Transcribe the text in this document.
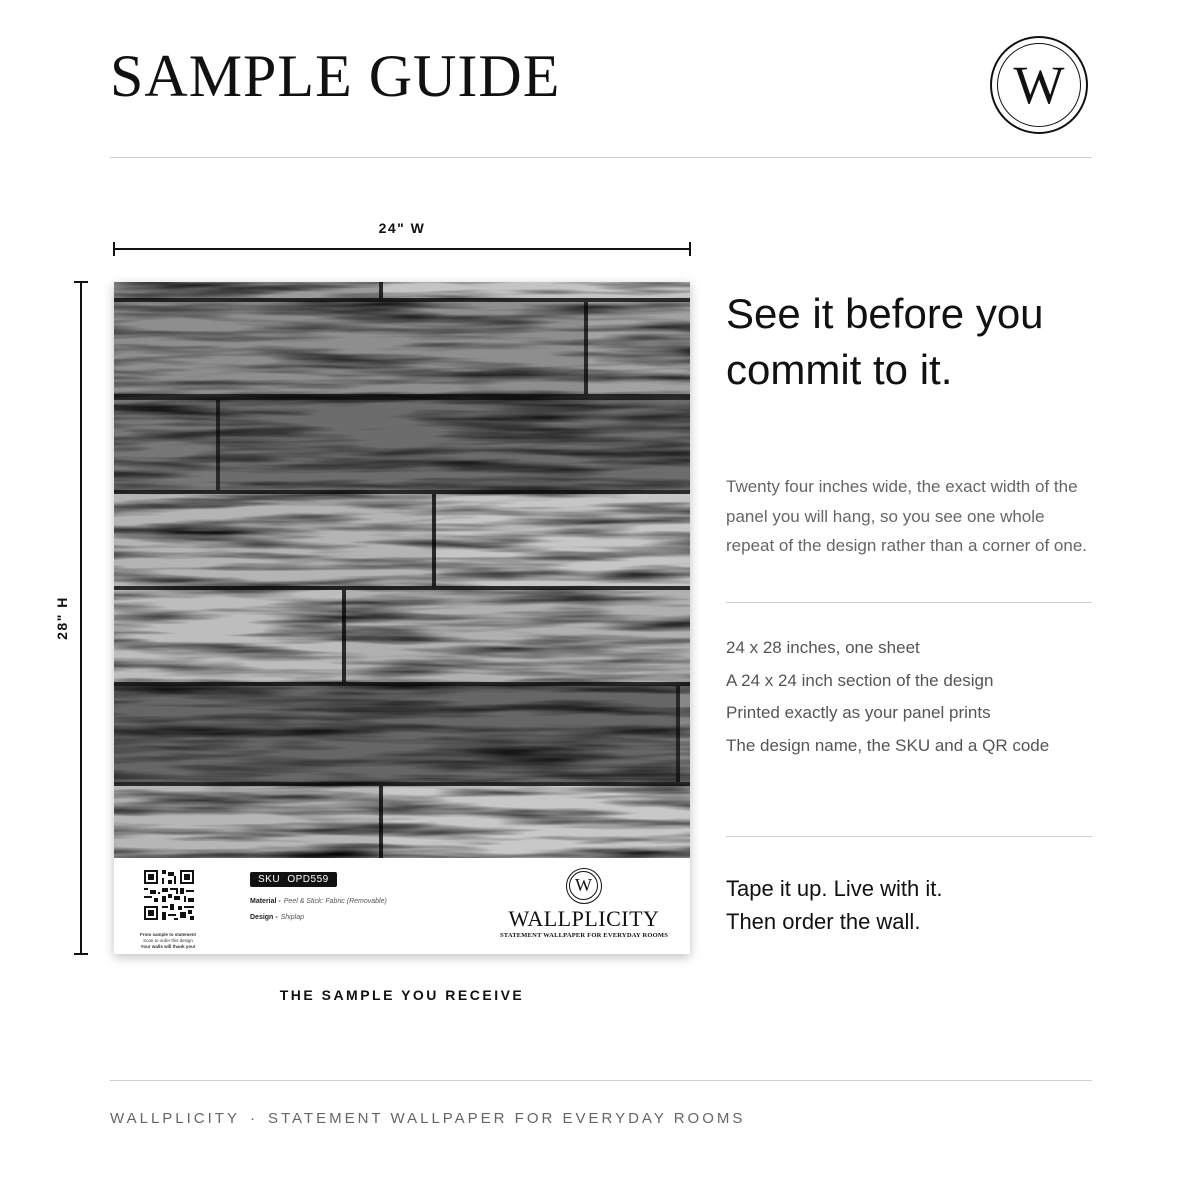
SAMPLE GUIDE	W
24" W
28" H
From sample to statement
Scan to order this design
Your walls will thank you!
SKU OPD559
Material - Peel & Stick: Fabric (Removable)
Design - Shiplap
W
WALLPLICITY
STATEMENT WALLPAPER FOR EVERYDAY ROOMS
THE SAMPLE YOU RECEIVE
See it before you commit to it.
Twenty four inches wide, the exact width of the panel you will hang, so you see one whole repeat of the design rather than a corner of one.
24 x 28 inches, one sheet
A 24 x 24 inch section of the design
Printed exactly as your panel prints
The design name, the SKU and a QR code
Tape it up. Live with it.
Then order the wall.
WALLPLICITY · STATEMENT WALLPAPER FOR EVERYDAY ROOMS
